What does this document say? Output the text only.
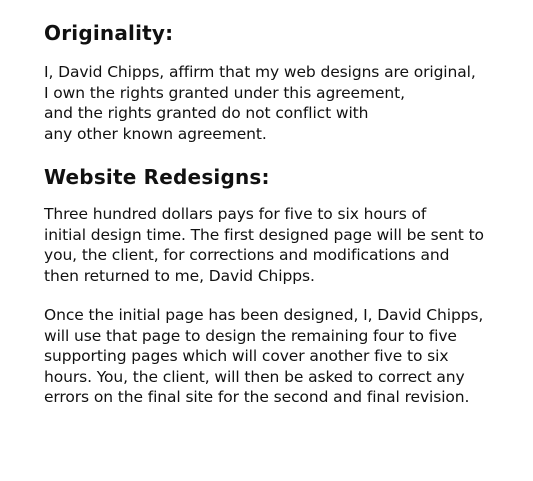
Originality:

I, David Chipps, affirm that my web designs are original,
I own the rights granted under this agreement,
and the rights granted do not conflict with
any other known agreement.

Website Redesigns:

Three hundred dollars pays for five to six hours of
initial design time. The first designed page will be sent to
you, the client, for corrections and modifications and
then returned to me, David Chipps.

Once the initial page has been designed, I, David Chipps,
will use that page to design the remaining four to five
supporting pages which will cover another five to six
hours. You, the client, will then be asked to correct any
errors on the final site for the second and final revision.
